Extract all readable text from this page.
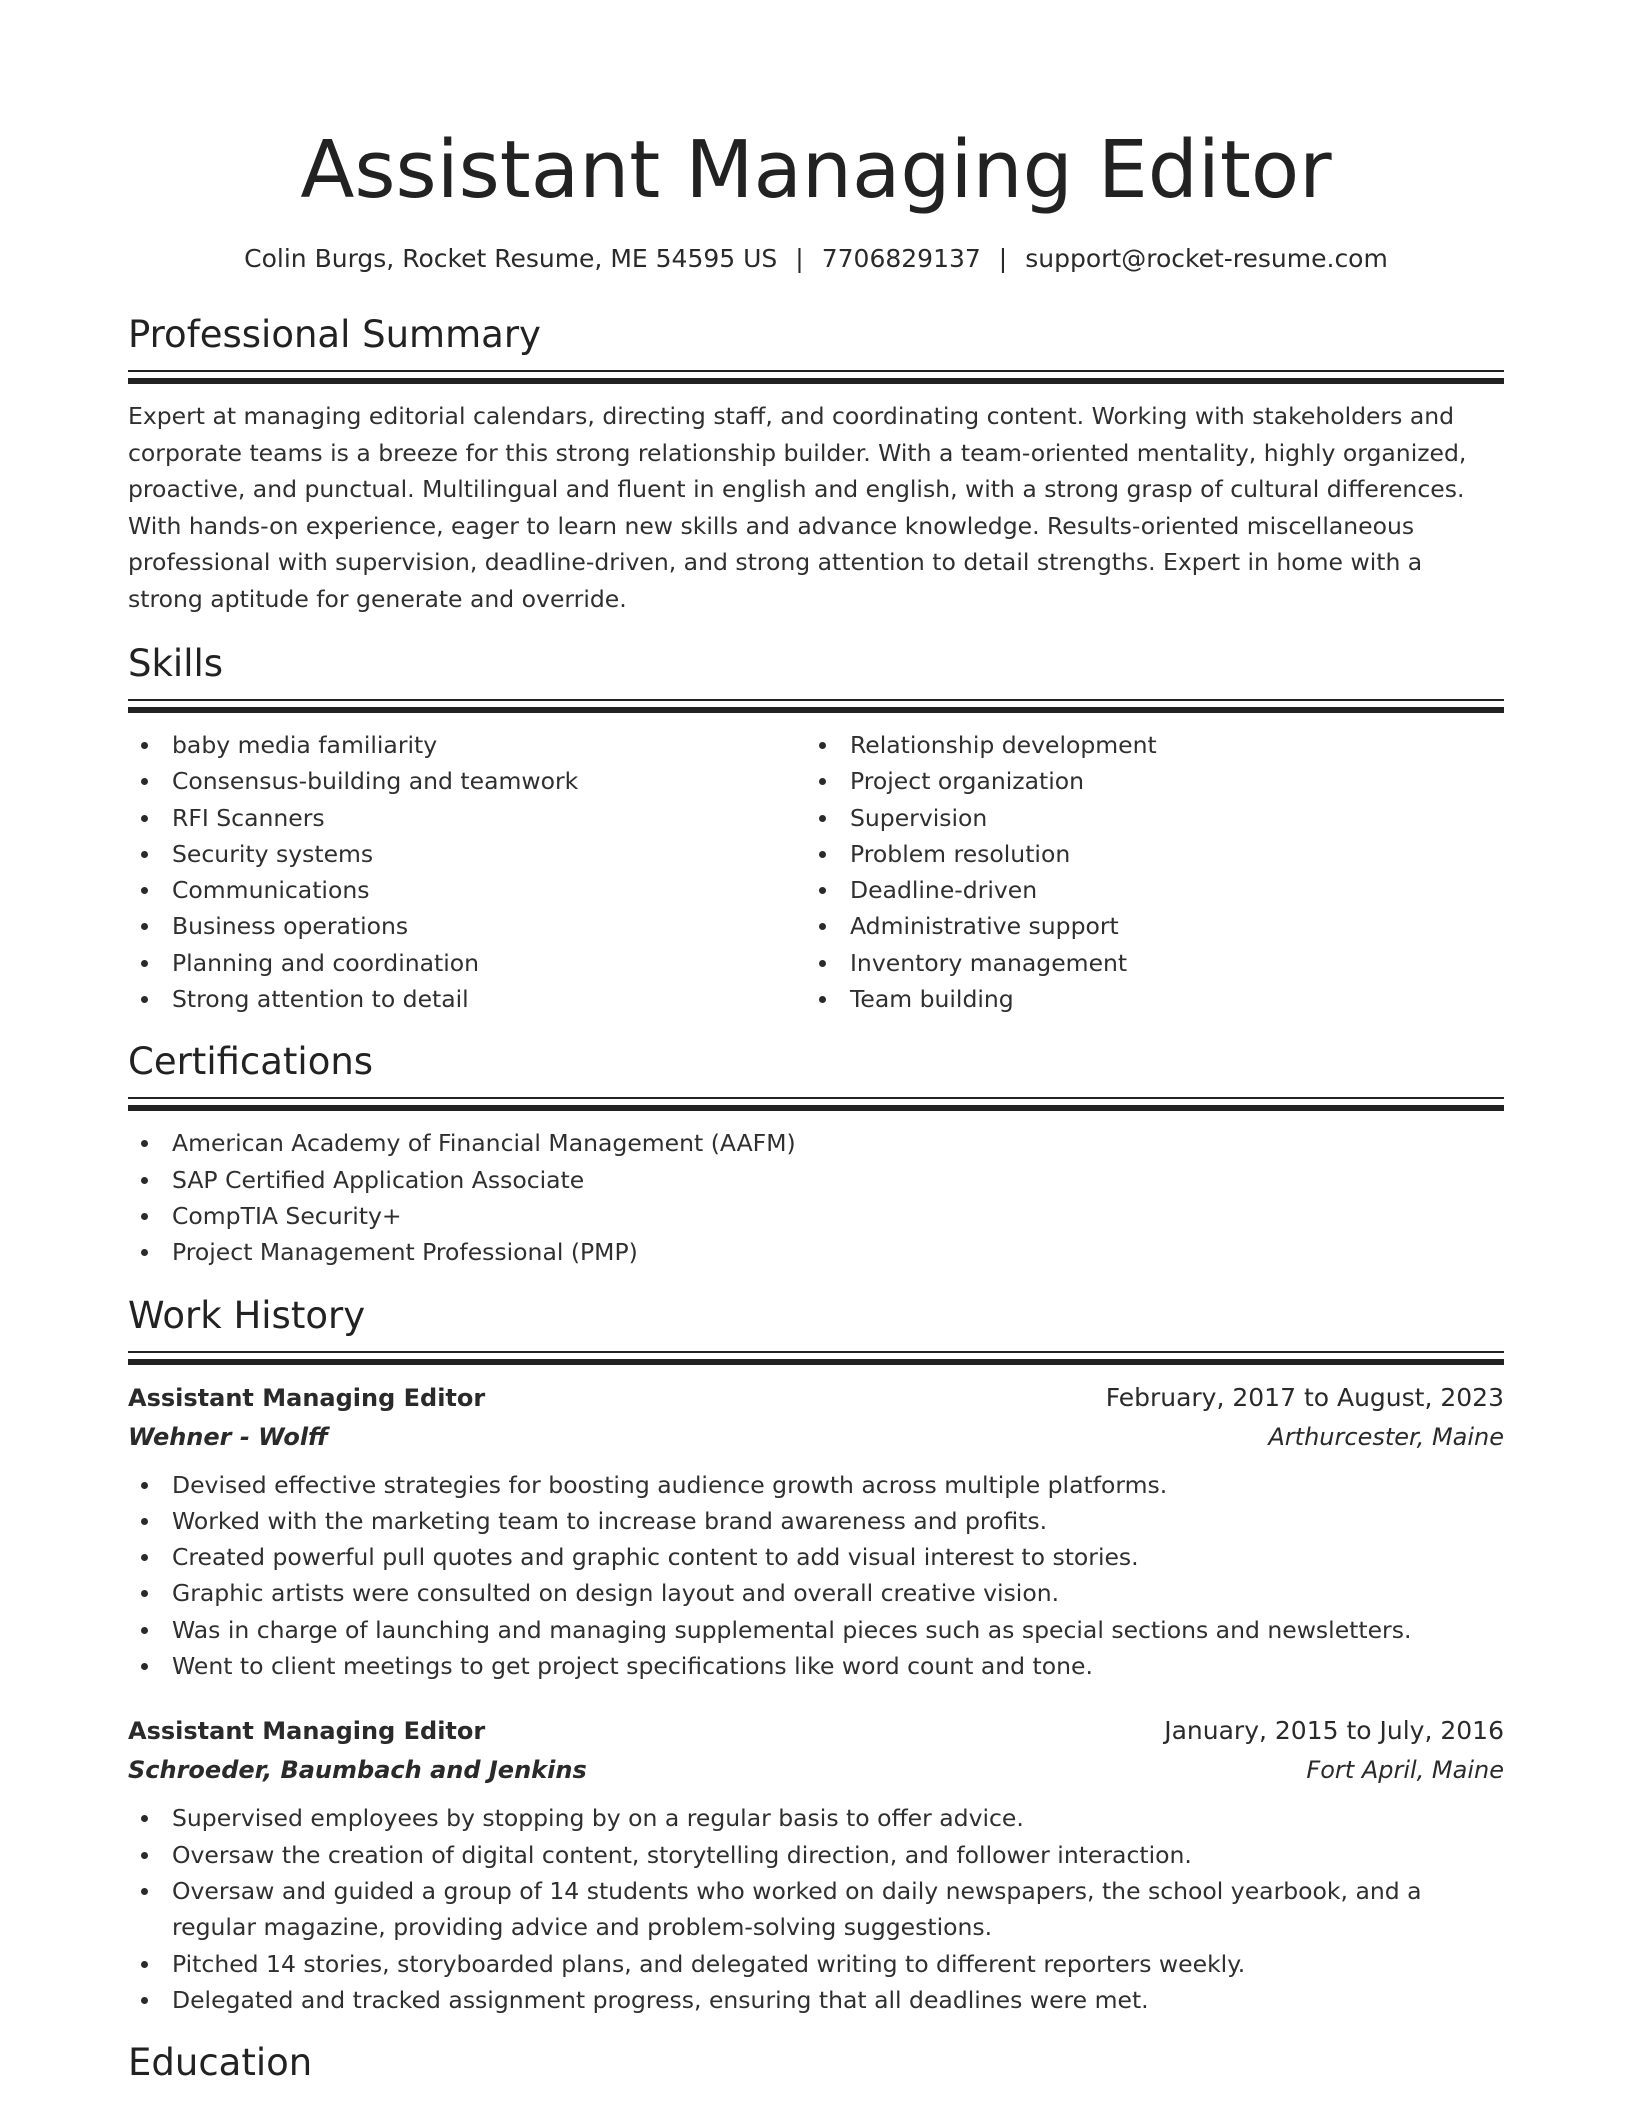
Assistant Managing Editor
Colin Burgs, Rocket Resume, ME 54595 US | 7706829137 | support@rocket-resume.com
Professional Summary

Expert at managing editorial calendars, directing staff, and coordinating content. Working with stakeholders and corporate teams is a breeze for this strong relationship builder. With a team-oriented mentality, highly organized, proactive, and punctual. Multilingual and fluent in english and english, with a strong grasp of cultural differences. With hands-on experience, eager to learn new skills and advance knowledge. Results-oriented miscellaneous professional with supervision, deadline-driven, and strong attention to detail strengths. Expert in home with a strong aptitude for generate and override.

Skills
baby media familiarity
Consensus-building and teamwork
RFI Scanners
Security systems
Communications
Business operations
Planning and coordination
Strong attention to detail
Relationship development
Project organization
Supervision
Problem resolution
Deadline-driven
Administrative support
Inventory management
Team building
Certifications
American Academy of Financial Management (AAFM)
SAP Certified Application Associate
CompTIA Security+
Project Management Professional (PMP)
Work History
Assistant Managing Editor	February, 2017 to August, 2023
Wehner - Wolff	Arthurcester, Maine
Devised effective strategies for boosting audience growth across multiple platforms.
Worked with the marketing team to increase brand awareness and profits.
Created powerful pull quotes and graphic content to add visual interest to stories.
Graphic artists were consulted on design layout and overall creative vision.
Was in charge of launching and managing supplemental pieces such as special sections and newsletters.
Went to client meetings to get project specifications like word count and tone.
Assistant Managing Editor	January, 2015 to July, 2016
Schroeder, Baumbach and Jenkins	Fort April, Maine
Supervised employees by stopping by on a regular basis to offer advice.
Oversaw the creation of digital content, storytelling direction, and follower interaction.
Oversaw and guided a group of 14 students who worked on daily newspapers, the school yearbook, and a regular magazine, providing advice and problem-solving suggestions.
Pitched 14 stories, storyboarded plans, and delegated writing to different reporters weekly.
Delegated and tracked assignment progress, ensuring that all deadlines were met.
Education
